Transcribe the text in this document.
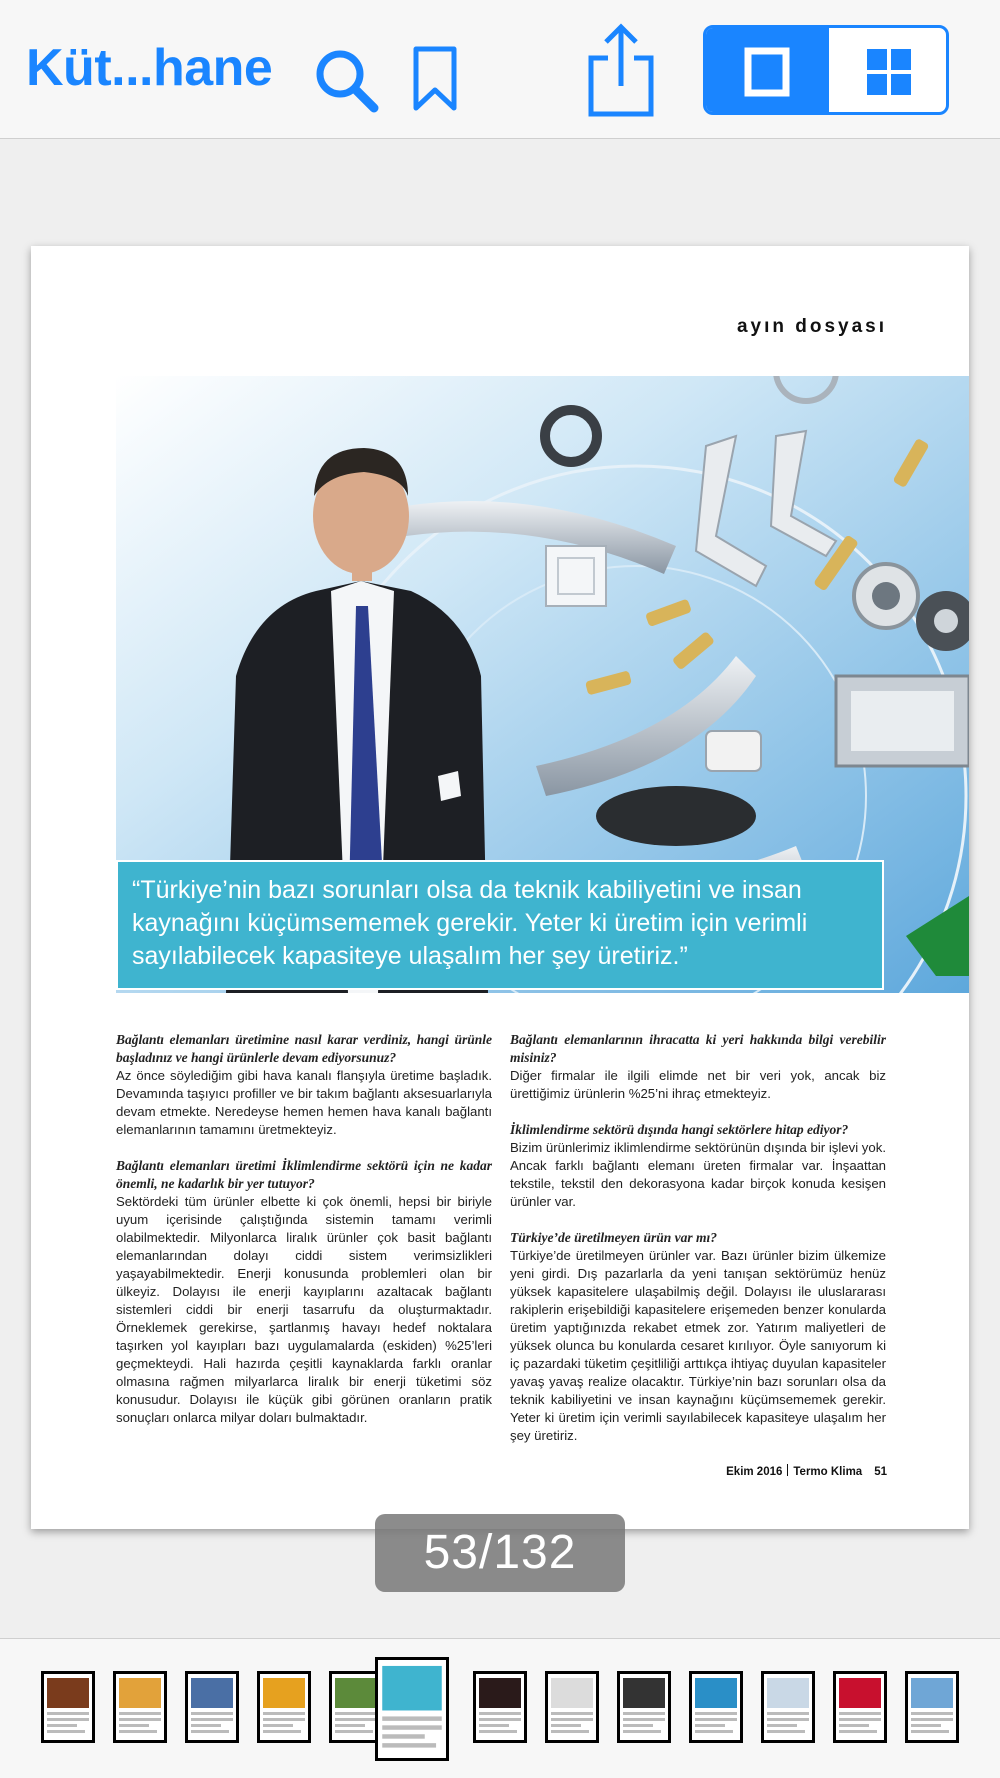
Küt...hane
ayın dosyası

“Türkiye’nin bazı sorunları olsa da teknik kabiliyetini ve insan kaynağını küçümsememek gerekir. Yeter ki üretim için verimli sayılabilecek kapasiteye ulaşalım her şey üretiriz.”

Bağlantı elemanları üretimine nasıl karar verdiniz, hangi ürünle başladınız ve hangi ürünlerle devam ediyorsunuz?

Az önce söylediğim gibi hava kanalı flanşıyla üretime başladık. Devamında taşıyıcı profiller ve bir takım bağlantı aksesuarlarıyla devam etmekte. Neredeyse hemen hemen hava kanalı bağlantı elemanlarının tamamını üretmekteyiz.

Bağlantı elemanları üretimi İklimlendirme sektörü için ne kadar önemli, ne kadarlık bir yer tutuyor?

Sektördeki tüm ürünler elbette ki çok önemli, hepsi bir biriyle uyum içerisinde çalıştığında sistemin tamamı verimli olabilmektedir. Milyonlarca liralık ürünler çok basit bağlantı elemanlarından dolayı ciddi sistem verimsizlikleri yaşayabilmektedir. Enerji konusunda problemleri olan bir ülkeyiz. Dolayısı ile enerji kayıplarını azaltacak bağlantı sistemleri ciddi bir enerji tasarrufu da oluşturmaktadır. Örneklemek gerekirse, şartlanmış havayı hedef noktalara taşırken yol kayıpları bazı uygulamalarda (eskiden) %25’leri geçmekteydi. Hali hazırda çeşitli kaynaklarda farklı oranlar olmasına rağmen milyarlarca liralık bir enerji tüketimi söz konusudur. Dolayısı ile küçük gibi görünen oranların pratik sonuçları onlarca milyar doları bulmaktadır.

Bağlantı elemanlarının ihracatta ki yeri hakkında bilgi verebilir misiniz?

Diğer firmalar ile ilgili elimde net bir veri yok, ancak biz ürettiğimiz ürünlerin %25’ni ihraç etmekteyiz.

İklimlendirme sektörü dışında hangi sektörlere hitap ediyor?

Bizim ürünlerimiz iklimlendirme sektörünün dışında bir işlevi yok. Ancak farklı bağlantı elemanı üreten firmalar var. İnşaattan tekstile, tekstil den dekorasyona kadar birçok konuda kesişen ürünler var.

Türkiye’de üretilmeyen ürün var mı?

Türkiye’de üretilmeyen ürünler var. Bazı ürünler bizim ülkemize yeni girdi. Dış pazarlarla da yeni tanışan sektörümüz henüz yüksek kapasitelere ulaşabilmiş değil. Dolayısı ile uluslararası rakiplerin erişebildiği kapasitelere erişemeden benzer konularda üretim yaptığınızda rekabet etmek zor. Yatırım maliyetleri de yüksek olunca bu konularda cesaret kırılıyor. Öyle sanıyorum ki iç pazardaki tüketim çeşitliliği arttıkça ihtiyaç duyulan kapasiteler yavaş yavaş realize olacaktır. Türkiye’nin bazı sorunları olsa da teknik kabiliyetini ve insan kaynağını küçümsememek gerekir. Yeter ki üretim için verimli sayılabilecek kapasiteye ulaşalım her şey üretiriz.

Ekim 2016 Termo Klima 51
53/132
